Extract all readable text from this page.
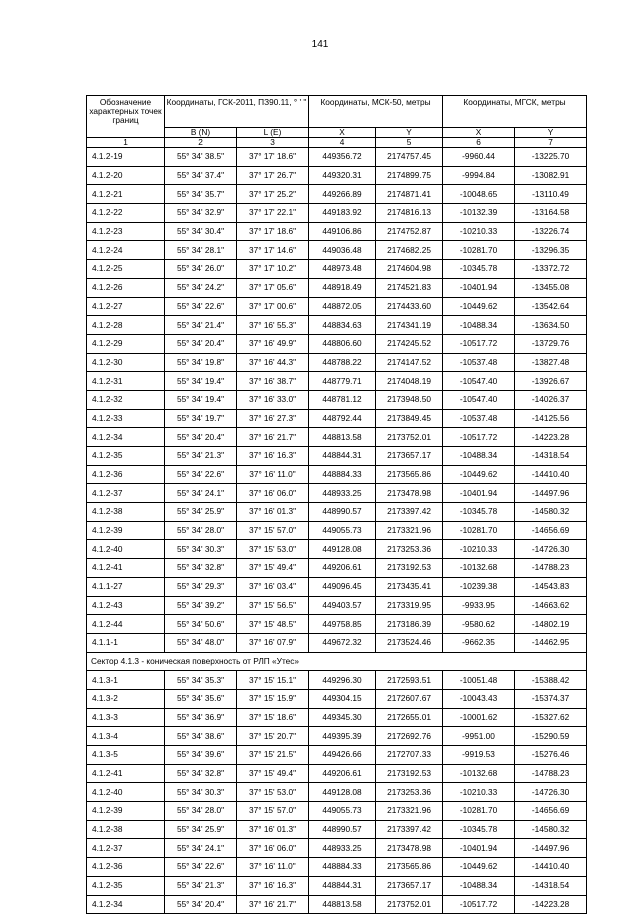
141
Обозначение характерных точек границ	Координаты, ГСК-2011, ПЗ90.11, ° ' "		Координаты, МСК-50, метры		Координаты, МГСК, метры	
	B (N)	L (E)	X	Y	X	Y
1	2	3	4	5	6	7
4.1.2-19	55° 34' 38.5"	37° 17' 18.6"	449356.72	2174757.45	-9960.44	-13225.70
4.1.2-20	55° 34' 37.4"	37° 17' 26.7"	449320.31	2174899.75	-9994.84	-13082.91
4.1.2-21	55° 34' 35.7"	37° 17' 25.2"	449266.89	2174871.41	-10048.65	-13110.49
4.1.2-22	55° 34' 32.9"	37° 17' 22.1"	449183.92	2174816.13	-10132.39	-13164.58
4.1.2-23	55° 34' 30.4"	37° 17' 18.6"	449106.86	2174752.87	-10210.33	-13226.74
4.1.2-24	55° 34' 28.1"	37° 17' 14.6"	449036.48	2174682.25	-10281.70	-13296.35
4.1.2-25	55° 34' 26.0"	37° 17' 10.2"	448973.48	2174604.98	-10345.78	-13372.72
4.1.2-26	55° 34' 24.2"	37° 17' 05.6"	448918.49	2174521.83	-10401.94	-13455.08
4.1.2-27	55° 34' 22.6"	37° 17' 00.6"	448872.05	2174433.60	-10449.62	-13542.64
4.1.2-28	55° 34' 21.4"	37° 16' 55.3"	448834.63	2174341.19	-10488.34	-13634.50
4.1.2-29	55° 34' 20.4"	37° 16' 49.9"	448806.60	2174245.52	-10517.72	-13729.76
4.1.2-30	55° 34' 19.8"	37° 16' 44.3"	448788.22	2174147.52	-10537.48	-13827.48
4.1.2-31	55° 34' 19.4"	37° 16' 38.7"	448779.71	2174048.19	-10547.40	-13926.67
4.1.2-32	55° 34' 19.4"	37° 16' 33.0"	448781.12	2173948.50	-10547.40	-14026.37
4.1.2-33	55° 34' 19.7"	37° 16' 27.3"	448792.44	2173849.45	-10537.48	-14125.56
4.1.2-34	55° 34' 20.4"	37° 16' 21.7"	448813.58	2173752.01	-10517.72	-14223.28
4.1.2-35	55° 34' 21.3"	37° 16' 16.3"	448844.31	2173657.17	-10488.34	-14318.54
4.1.2-36	55° 34' 22.6"	37° 16' 11.0"	448884.33	2173565.86	-10449.62	-14410.40
4.1.2-37	55° 34' 24.1"	37° 16' 06.0"	448933.25	2173478.98	-10401.94	-14497.96
4.1.2-38	55° 34' 25.9"	37° 16' 01.3"	448990.57	2173397.42	-10345.78	-14580.32
4.1.2-39	55° 34' 28.0"	37° 15' 57.0"	449055.73	2173321.96	-10281.70	-14656.69
4.1.2-40	55° 34' 30.3"	37° 15' 53.0"	449128.08	2173253.36	-10210.33	-14726.30
4.1.2-41	55° 34' 32.8"	37° 15' 49.4"	449206.61	2173192.53	-10132.68	-14788.23
4.1.1-27	55° 34' 29.3"	37° 16' 03.4"	449096.45	2173435.41	-10239.38	-14543.83
4.1.2-43	55° 34' 39.2"	37° 15' 56.5"	449403.57	2173319.95	-9933.95	-14663.62
4.1.2-44	55° 34' 50.6"	37° 15' 48.5"	449758.85	2173186.39	-9580.62	-14802.19
4.1.1-1	55° 34' 48.0"	37° 16' 07.9"	449672.32	2173524.46	-9662.35	-14462.95
Сектор 4.1.3 - коническая поверхность от РЛП «Утес»						
4.1.3-1	55° 34' 35.3"	37° 15' 15.1"	449296.30	2172593.51	-10051.48	-15388.42
4.1.3-2	55° 34' 35.6"	37° 15' 15.9"	449304.15	2172607.67	-10043.43	-15374.37
4.1.3-3	55° 34' 36.9"	37° 15' 18.6"	449345.30	2172655.01	-10001.62	-15327.62
4.1.3-4	55° 34' 38.6"	37° 15' 20.7"	449395.39	2172692.76	-9951.00	-15290.59
4.1.3-5	55° 34' 39.6"	37° 15' 21.5"	449426.66	2172707.33	-9919.53	-15276.46
4.1.2-41	55° 34' 32.8"	37° 15' 49.4"	449206.61	2173192.53	-10132.68	-14788.23
4.1.2-40	55° 34' 30.3"	37° 15' 53.0"	449128.08	2173253.36	-10210.33	-14726.30
4.1.2-39	55° 34' 28.0"	37° 15' 57.0"	449055.73	2173321.96	-10281.70	-14656.69
4.1.2-38	55° 34' 25.9"	37° 16' 01.3"	448990.57	2173397.42	-10345.78	-14580.32
4.1.2-37	55° 34' 24.1"	37° 16' 06.0"	448933.25	2173478.98	-10401.94	-14497.96
4.1.2-36	55° 34' 22.6"	37° 16' 11.0"	448884.33	2173565.86	-10449.62	-14410.40
4.1.2-35	55° 34' 21.3"	37° 16' 16.3"	448844.31	2173657.17	-10488.34	-14318.54
4.1.2-34	55° 34' 20.4"	37° 16' 21.7"	448813.58	2173752.01	-10517.72	-14223.28
